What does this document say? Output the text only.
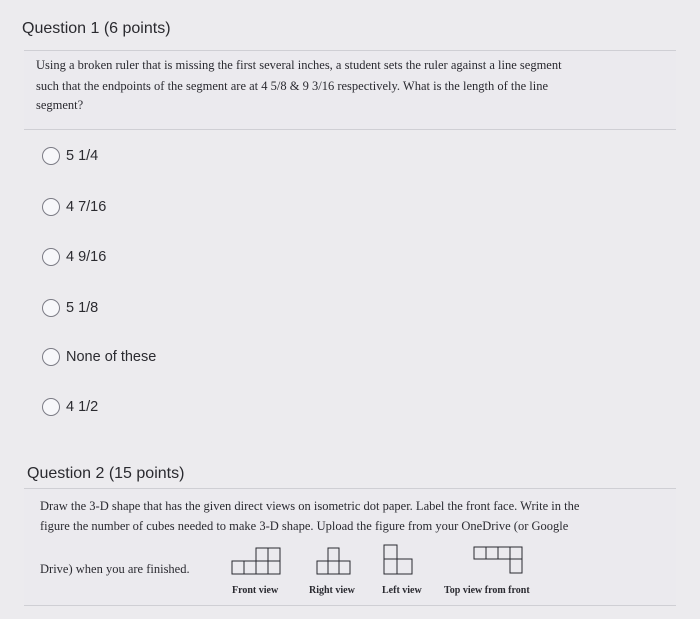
Question 1 (6 points)
Using a broken ruler that is missing the first several inches, a student sets the ruler against a line segment
such that the endpoints of the segment are at 4 5/8 & 9 3/16 respectively. What is the length of the line
segment?
5 1/4
4 7/16
4 9/16
5 1/8
None of these
4 1/2
Question 2 (15 points)
Draw the 3-D shape that has the given direct views on isometric dot paper. Label the front face. Write in the
figure the number of cubes needed to make 3-D shape. Upload the figure from your OneDrive (or Google
Drive) when you are finished.
Front view	Right view	Left view Top view from front
